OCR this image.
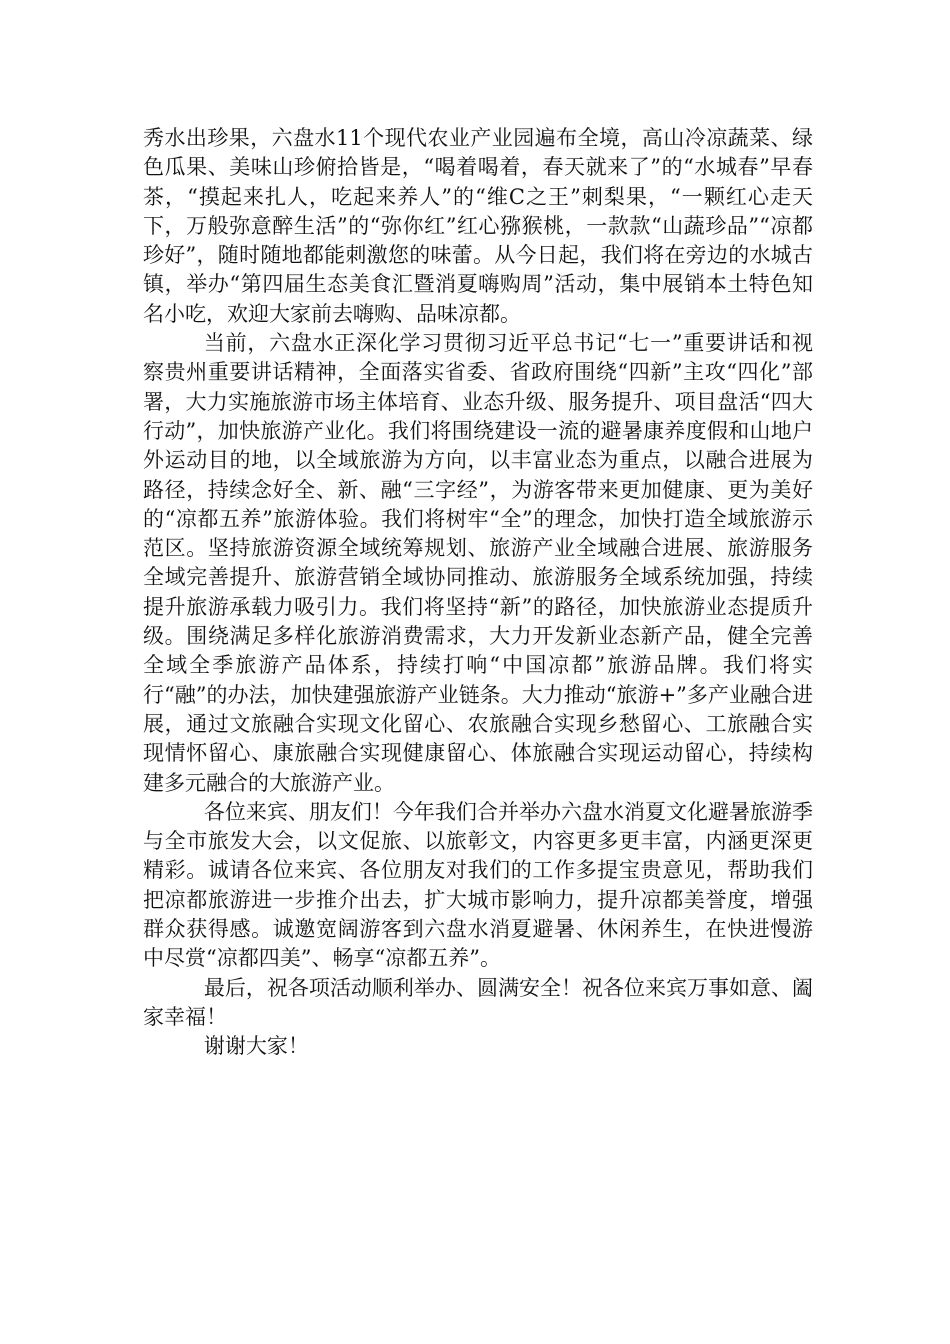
秀水出珍果，六盘水11个现代农业产业园遍布全境，高山冷凉蔬菜、绿色瓜果、美味山珍俯拾皆是，“喝着喝着，春天就来了”的“水城春”早春茶，“摸起来扎人，吃起来养人”的“维C之王”刺梨果，“一颗红心走天下，万般弥意醉生活”的“弥你红”红心猕猴桃，一款款“山蔬珍品”“凉都珍好”，随时随地都能刺激您的味蕾。从今日起，我们将在旁边的水城古镇，举办“第四届生态美食汇暨消夏嗨购周”活动，集中展销本土特色知名小吃，欢迎大家前去嗨购、品味凉都。

当前，六盘水正深化学习贯彻习近平总书记“七一”重要讲话和视察贵州重要讲话精神，全面落实省委、省政府围绕“四新”主攻“四化”部署，大力实施旅游市场主体培育、业态升级、服务提升、项目盘活“四大行动”，加快旅游产业化。我们将围绕建设一流的避暑康养度假和山地户外运动目的地，以全域旅游为方向，以丰富业态为重点，以融合进展为路径，持续念好全、新、融“三字经”，为游客带来更加健康、更为美好的“凉都五养”旅游体验。我们将树牢“全”的理念，加快打造全域旅游示范区。坚持旅游资源全域统筹规划、旅游产业全域融合进展、旅游服务全域完善提升、旅游营销全域协同推动、旅游服务全域系统加强，持续提升旅游承载力吸引力。我们将坚持“新”的路径，加快旅游业态提质升级。围绕满足多样化旅游消费需求，大力开发新业态新产品，健全完善全域全季旅游产品体系，持续打响“中国凉都”旅游品牌。我们将实行“融”的办法，加快建强旅游产业链条。大力推动“旅游+”多产业融合进展，通过文旅融合实现文化留心、农旅融合实现乡愁留心、工旅融合实现情怀留心、康旅融合实现健康留心、体旅融合实现运动留心，持续构建多元融合的大旅游产业。

各位来宾、朋友们！今年我们合并举办六盘水消夏文化避暑旅游季与全市旅发大会，以文促旅、以旅彰文，内容更多更丰富，内涵更深更精彩。诚请各位来宾、各位朋友对我们的工作多提宝贵意见，帮助我们把凉都旅游进一步推介出去，扩大城市影响力，提升凉都美誉度，增强群众获得感。诚邀宽阔游客到六盘水消夏避暑、休闲养生，在快进慢游中尽赏“凉都四美”、畅享“凉都五养”。

最后，祝各项活动顺利举办、圆满安全！祝各位来宾万事如意、阖家幸福！

谢谢大家！
